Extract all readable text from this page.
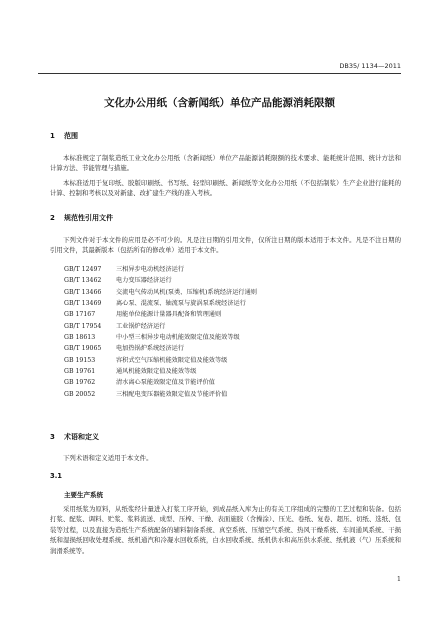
DB35/ 1134—2011
文化办公用纸（含新闻纸）单位产品能源消耗限额
1 范围

本标准规定了制浆造纸工业文化办公用纸（含新闻纸）单位产品能源消耗限额的技术要求、能耗统计范围、统计方法和计算方法、节能管理与措施。

本标准适用于复印纸、胶版印刷纸、书写纸、轻型印刷纸、新闻纸等文化办公用纸（不包括制浆）生产企业进行能耗的计算、控制和考核以及对新建、改扩建生产线的准入考核。

2 规范性引用文件

下列文件对于本文件的应用是必不可少的。凡是注日期的引用文件，仅所注日期的版本适用于本文件。凡是不注日期的引用文件，其最新版本（包括所有的修改单）适用于本文件。

GB/T 12497 三相异步电动机经济运行
GB/T 13462 电力变压器经济运行
GB/T 13466 交流电气传动风机(泵类、压缩机)系统经济运行通则
GB/T 13469 离心泵、混流泵、轴流泵与旋涡泵系统经济运行
GB 17167	用能单位能源计量器具配备和管理通则
GB/T 17954 工业锅炉经济运行
GB 18613	中小型三相异步电动机能效限定值及能效等级
GB/T 19065 电加热锅炉系统经济运行
GB 19153	容积式空气压缩机能效限定值及能效等级
GB 19761	通风机能效限定值及能效等级
GB 19762	清水离心泵能效限定值及节能评价值
GB 20052	三相配电变压器能效限定值及节能评价值
3 术语和定义

下列术语和定义适用于本文件。

3.1
主要生产系统

采用纸浆为原料，从纸浆经计量进入打浆工序开始，到成品纸入库为止的有关工序组成的完整的工艺过程和装备。包括打浆、配浆、调料、贮浆、浆料流送、成型、压榨、干燥、表面施胶（含操涂）、压光、卷纸、复卷、超压、切纸、选纸、包装等过程，以及直接为造纸生产系统配备的辅料制备系统、真空系统、压缩空气系统、热风干燥系统、车间通风系统、干损纸和湿损纸回收处理系统、纸机通汽和冷凝水回收系统，白水回收系统、纸机供水和高压供水系统、纸机液（气）压系统和润滑系统等。

1
